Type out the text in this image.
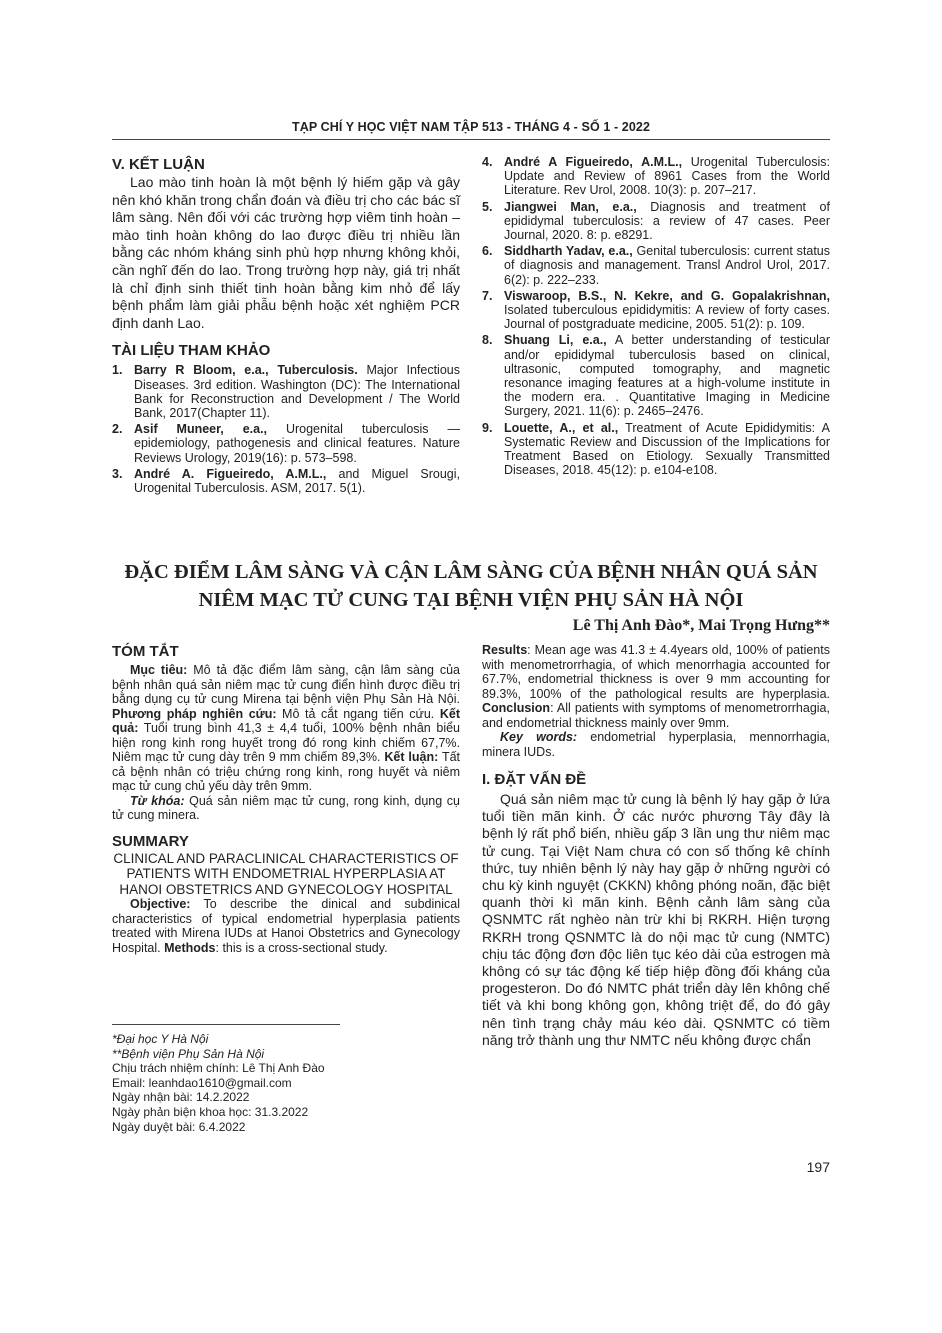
TẠP CHÍ Y HỌC VIỆT NAM TẬP 513 - THÁNG 4 - SỐ 1 - 2022
V. KẾT LUẬN
Lao mào tinh hoàn là một bệnh lý hiếm gặp và gây nên khó khăn trong chẩn đoán và điều trị cho các bác sĩ lâm sàng. Nên đối với các trường hợp viêm tinh hoàn – mào tinh hoàn không do lao được điều trị nhiều lần bằng các nhóm kháng sinh phù hợp nhưng không khỏi, cần nghĩ đến do lao. Trong trường hợp này, giá trị nhất là chỉ định sinh thiết tinh hoàn bằng kim nhỏ để lấy bệnh phẩm làm giải phẫu bệnh hoặc xét nghiệm PCR định danh Lao.
TÀI LIỆU THAM KHẢO
1. Barry R Bloom, e.a., Tuberculosis. Major Infectious Diseases. 3rd edition. Washington (DC): The International Bank for Reconstruction and Development / The World Bank, 2017(Chapter 11).
2. Asif Muneer, e.a., Urogenital tuberculosis — epidemiology, pathogenesis and clinical features. Nature Reviews Urology, 2019(16): p. 573–598.
3. André A. Figueiredo, A.M.L., and Miguel Srougi, Urogenital Tuberculosis. ASM, 2017. 5(1).
4. André A Figueiredo, A.M.L., Urogenital Tuberculosis: Update and Review of 8961 Cases from the World Literature. Rev Urol, 2008. 10(3): p. 207–217.
5. Jiangwei Man, e.a., Diagnosis and treatment of epididymal tuberculosis: a review of 47 cases. Peer Journal, 2020. 8: p. e8291.
6. Siddharth Yadav, e.a., Genital tuberculosis: current status of diagnosis and management. Transl Androl Urol, 2017. 6(2): p. 222–233.
7. Viswaroop, B.S., N. Kekre, and G. Gopalakrishnan, Isolated tuberculous epididymitis: A review of forty cases. Journal of postgraduate medicine, 2005. 51(2): p. 109.
8. Shuang Li, e.a., A better understanding of testicular and/or epididymal tuberculosis based on clinical, ultrasonic, computed tomography, and magnetic resonance imaging features at a high-volume institute in the modern era. . Quantitative Imaging in Medicine Surgery, 2021. 11(6): p. 2465–2476.
9. Louette, A., et al., Treatment of Acute Epididymitis: A Systematic Review and Discussion of the Implications for Treatment Based on Etiology. Sexually Transmitted Diseases, 2018. 45(12): p. e104-e108.
ĐẶC ĐIỂM LÂM SÀNG VÀ CẬN LÂM SÀNG CỦA BỆNH NHÂN QUÁ SẢN
NIÊM MẠC TỬ CUNG TẠI BỆNH VIỆN PHỤ SẢN HÀ NỘI
Lê Thị Anh Đào*, Mai Trọng Hưng**
TÓM TẮT
Mục tiêu: Mô tả đặc điểm lâm sàng, cận lâm sàng của bệnh nhân quá sản niêm mạc tử cung điển hình được điều trị bằng dụng cụ tử cung Mirena tại bệnh viện Phụ Sản Hà Nội. Phương pháp nghiên cứu: Mô tả cắt ngang tiến cứu. Kết quả: Tuổi trung bình 41,3 ± 4,4 tuổi, 100% bệnh nhân biểu hiện rong kinh rong huyết trong đó rong kinh chiếm 67,7%. Niêm mạc tử cung dày trên 9 mm chiếm 89,3%. Kết luận: Tất cả bệnh nhân có triệu chứng rong kinh, rong huyết và niêm mạc tử cung chủ yếu dày trên 9mm.
Từ khóa: Quá sản niêm mạc tử cung, rong kinh, dụng cụ tử cung minera.
SUMMARY
CLINICAL AND PARACLINICAL CHARACTERISTICS OF PATIENTS WITH ENDOMETRIAL HYPERPLASIA AT HANOI OBSTETRICS AND GYNECOLOGY HOSPITAL
Objective: To describe the dinical and subdinical characteristics of typical endometrial hyperplasia patients treated with Mirena IUDs at Hanoi Obstetrics and Gynecology Hospital. Methods: this is a cross-sectional study.
Results: Mean age was 41.3 ± 4.4years old, 100% of patients with menometrorrhagia, of which menorrhagia accounted for 67.7%, endometrial thickness is over 9 mm accounting for 89.3%, 100% of the pathological results are hyperplasia. Conclusion: All patients with symptoms of menometrorrhagia, and endometrial thickness mainly over 9mm.
Key words: endometrial hyperplasia, mennorrhagia, minera IUDs.
I. ĐẶT VẤN ĐỀ
Quá sản niêm mạc tử cung là bệnh lý hay gặp ở lứa tuổi tiền mãn kinh. Ở các nước phương Tây đây là bệnh lý rất phổ biến, nhiều gấp 3 lần ung thư niêm mạc tử cung. Tại Việt Nam chưa có con số thống kê chính thức, tuy nhiên bệnh lý này hay gặp ở những người có chu kỳ kinh nguyệt (CKKN) không phóng noãn, đặc biệt quanh thời kì mãn kinh. Bệnh cảnh lâm sàng của QSNMTC rất nghèo nàn trừ khi bị RKRH. Hiện tượng RKRH trong QSNMTC là do nội mạc tử cung (NMTC) chịu tác động đơn độc liên tục kéo dài của estrogen mà không có sự tác động kế tiếp hiệp đồng đối kháng của progesteron. Do đó NMTC phát triển dày lên không chế tiết và khi bong không gọn, không triệt để, do đó gây nên tình trạng chảy máu kéo dài. QSNMTC có tiềm năng trở thành ung thư NMTC nếu không được chẩn
*Đại học Y Hà Nội
**Bệnh viện Phụ Sản Hà Nội
Chịu trách nhiệm chính: Lê Thị Anh Đào
Email: leanhdao1610@gmail.com
Ngày nhận bài: 14.2.2022
Ngày phản biện khoa học: 31.3.2022
Ngày duyệt bài: 6.4.2022
197
